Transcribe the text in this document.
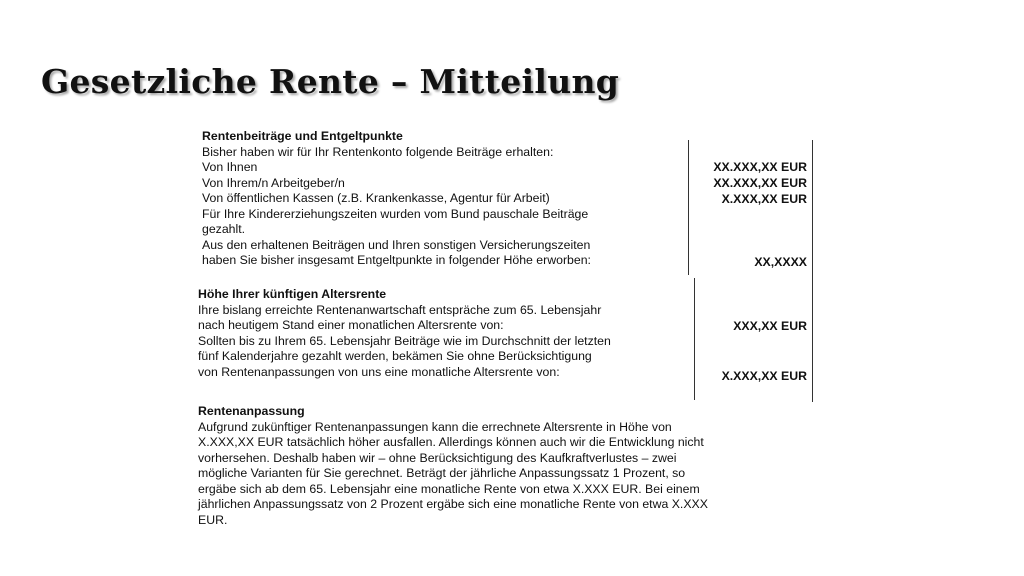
Gesetzliche Rente – Mitteilung
Rentenbeiträge und Entgeltpunkte
Bisher haben wir für Ihr Rentenkonto folgende Beiträge erhalten:
Von Ihnen
Von Ihrem/n Arbeitgeber/n
Von öffentlichen Kassen (z.B. Krankenkasse, Agentur für Arbeit)
Für Ihre Kindererziehungszeiten wurden vom Bund pauschale Beiträge
gezahlt.
Aus den erhaltenen Beiträgen und Ihren sonstigen Versicherungszeiten
haben Sie bisher insgesamt Entgeltpunkte in folgender Höhe erworben:
Höhe Ihrer künftigen Altersrente
Ihre bislang erreichte Rentenanwartschaft entspräche zum 65. Lebensjahr
nach heutigem Stand einer monatlichen Altersrente von:
Sollten bis zu Ihrem 65. Lebensjahr Beiträge wie im Durchschnitt der letzten
fünf Kalenderjahre gezahlt werden, bekämen Sie ohne Berücksichtigung
von Rentenanpassungen von uns eine monatliche Altersrente von:
Rentenanpassung
Aufgrund zukünftiger Rentenanpassungen kann die errechnete Altersrente in Höhe von
X.XXX,XX EUR tatsächlich höher ausfallen. Allerdings können auch wir die Entwicklung nicht
vorhersehen. Deshalb haben wir – ohne Berücksichtigung des Kaufkraftverlustes – zwei
mögliche Varianten für Sie gerechnet. Beträgt der jährliche Anpassungssatz 1 Prozent, so
ergäbe sich ab dem 65. Lebensjahr eine monatliche Rente von etwa X.XXX EUR. Bei einem
jährlichen Anpassungssatz von 2 Prozent ergäbe sich eine monatliche Rente von etwa X.XXX
EUR.
XX.XXX,XX EUR
XX.XXX,XX EUR
X.XXX,XX EUR
XX,XXXX
XXX,XX EUR
X.XXX,XX EUR
